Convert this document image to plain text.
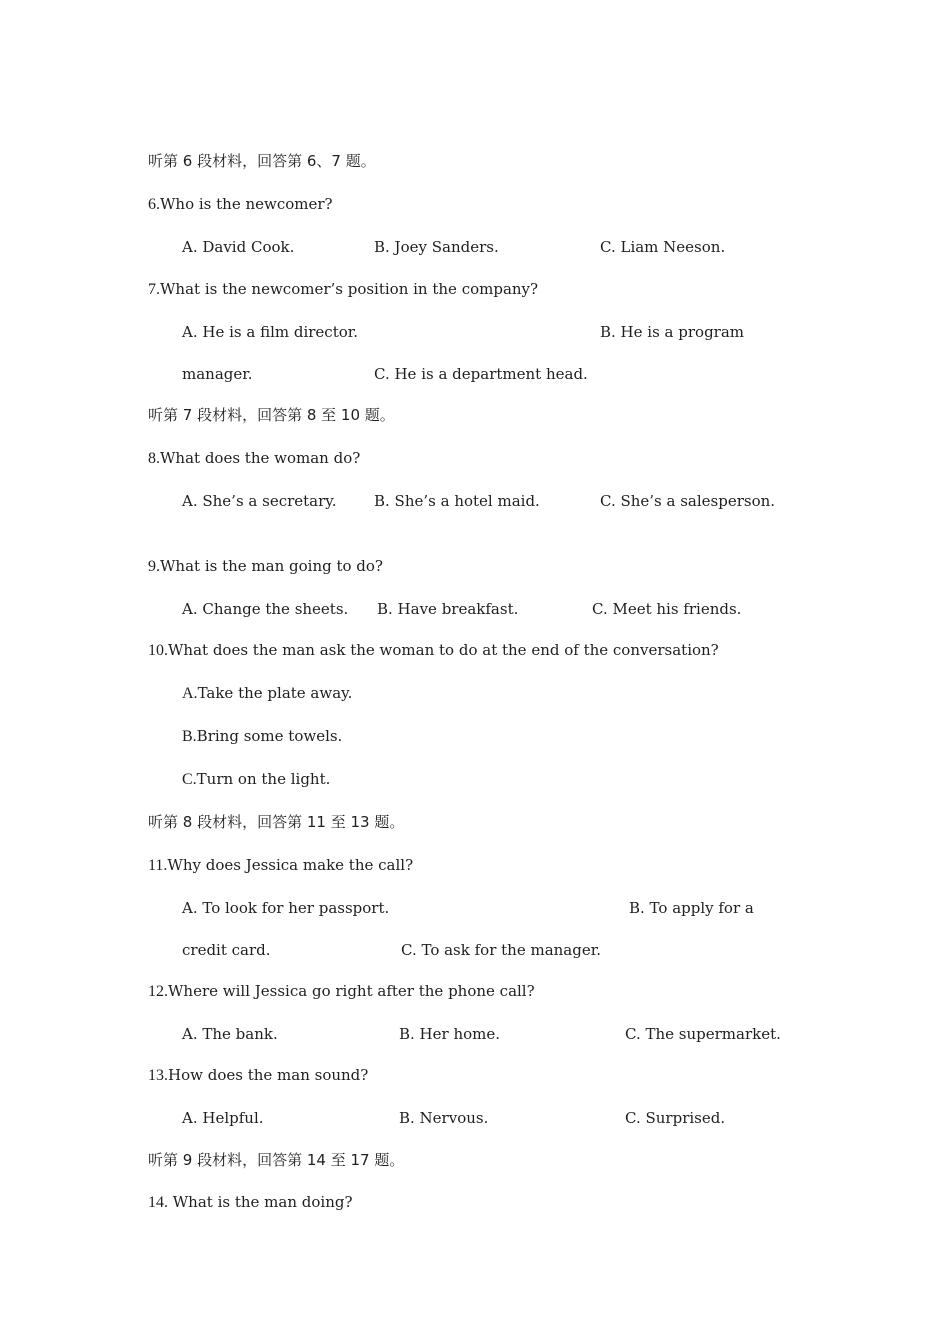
听第 6 段材料，回答第 6、7 题。
6.Who is the newcomer?
A. David Cook.	B. Joey Sanders.	C. Liam Neeson.
7.What is the newcomer’s position in the company?
A. He is a film director.	B. He is a program
manager.	C. He is a department head.
听第 7 段材料，回答第 8 至 10 题。
8.What does the woman do?
A. She’s a secretary. B. She’s a hotel maid.	C. She’s a salesperson.
9.What is the man going to do?
A. Change the sheets. B. Have breakfast.	C. Meet his friends.
10.What does the man ask the woman to do at the end of the conversation?
A.Take the plate away.
B.Bring some towels.
C.Turn on the light.
听第 8 段材料，回答第 11 至 13 题。
11.Why does Jessica make the call?
A. To look for her passport.	B. To apply for a
credit card.	C. To ask for the manager.
12.Where will Jessica go right after the phone call?
A. The bank.	B. Her home.	C. The supermarket.
13.How does the man sound?
A. Helpful.	B. Nervous.	C. Surprised.
听第 9 段材料，回答第 14 至 17 题。
14. What is the man doing?
